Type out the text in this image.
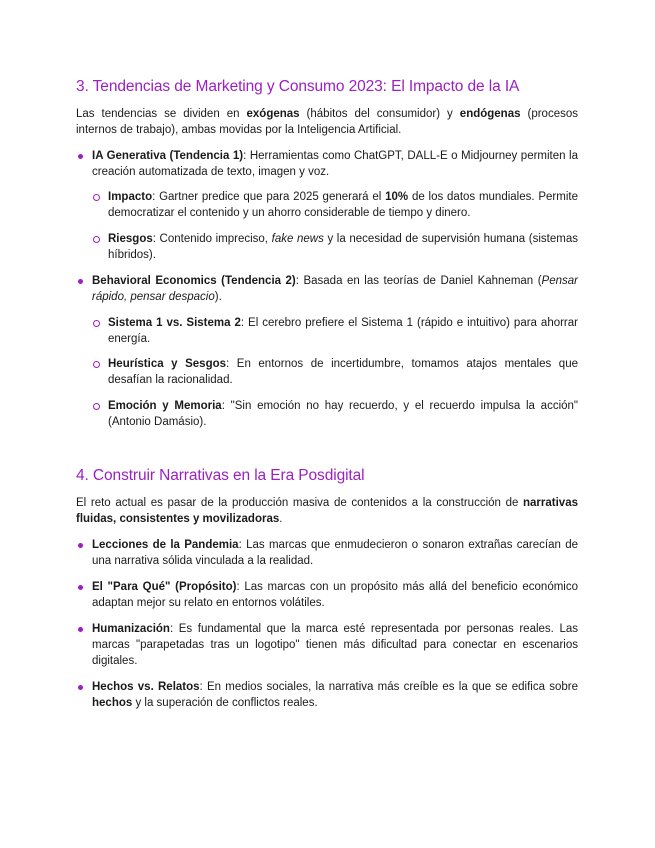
3. Tendencias de Marketing y Consumo 2023: El Impacto de la IA

Las tendencias se dividen en exógenas (hábitos del consumidor) y endógenas (procesos internos de trabajo), ambas movidas por la Inteligencia Artificial.

IA Generativa (Tendencia 1): Herramientas como ChatGPT, DALL-E o Midjourney permiten la creación automatizada de texto, imagen y voz.
Impacto: Gartner predice que para 2025 generará el 10% de los datos mundiales. Permite democratizar el contenido y un ahorro considerable de tiempo y dinero.
Riesgos: Contenido impreciso, fake news y la necesidad de supervisión humana (sistemas híbridos).
Behavioral Economics (Tendencia 2): Basada en las teorías de Daniel Kahneman (Pensar rápido, pensar despacio).
Sistema 1 vs. Sistema 2: El cerebro prefiere el Sistema 1 (rápido e intuitivo) para ahorrar energía.
Heurística y Sesgos: En entornos de incertidumbre, tomamos atajos mentales que desafían la racionalidad.
Emoción y Memoria: "Sin emoción no hay recuerdo, y el recuerdo impulsa la acción" (Antonio Damásio).
4. Construir Narrativas en la Era Posdigital

El reto actual es pasar de la producción masiva de contenidos a la construcción de narrativas fluidas, consistentes y movilizadoras.

Lecciones de la Pandemia: Las marcas que enmudecieron o sonaron extrañas carecían de una narrativa sólida vinculada a la realidad.
El "Para Qué" (Propósito): Las marcas con un propósito más allá del beneficio económico adaptan mejor su relato en entornos volátiles.
Humanización: Es fundamental que la marca esté representada por personas reales. Las marcas "parapetadas tras un logotipo" tienen más dificultad para conectar en escenarios digitales.
Hechos vs. Relatos: En medios sociales, la narrativa más creíble es la que se edifica sobre hechos y la superación de conflictos reales.
